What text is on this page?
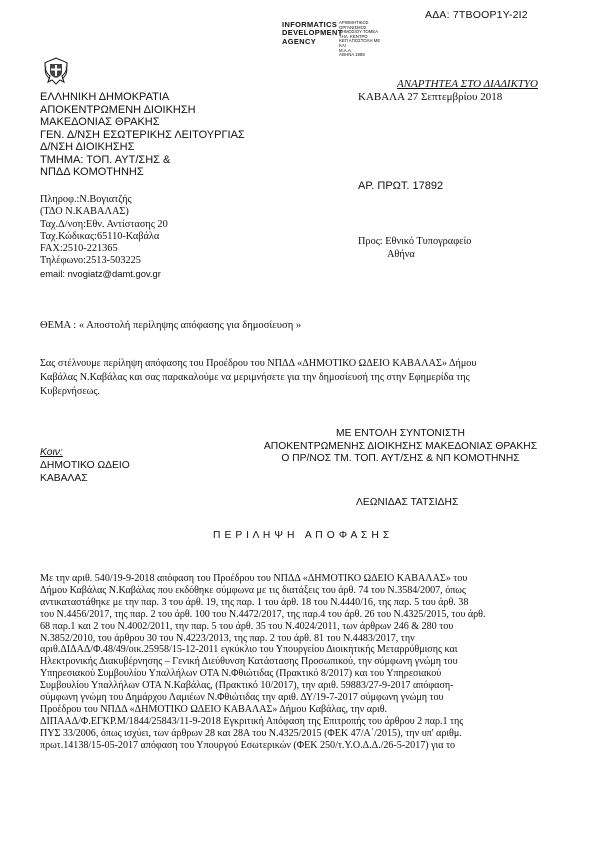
ΑΔΑ: 7ΤΒΟΟΡ1Υ-2Ι2
INFORMATICS
DEVELOPMENT
AGENCY
ΑΡΙΘΜΗΤΙΚΟΣ
ΟΡΓΑΝΙΣΜΟΣ
ΔΗΜΟΣΙΟΥ ΤΟΜΕΑ
ΤΗΛ. ΚΕΝΤΡΟ
ΚΕΠ ΑΠΟΣΤΟΛΗ ΜΕ
ΚΑΙ
Μ.Α.Α.
ΑΘΗΝΑ 1988
ΑΝΑΡΤΗΤΕΑ ΣΤΟ ΔΙΑΔΙΚΤΥΟ
ΚΑΒΑΛΑ 27 Σεπτεμβρίου 2018
ΕΛΛΗΝΙΚΗ ΔΗΜΟΚΡΑΤΙΑ
ΑΠΟΚΕΝΤΡΩΜΕΝΗ ΔΙΟΙΚΗΣΗ
ΜΑΚΕΔΟΝΙΑΣ ΘΡΑΚΗΣ
ΓΕΝ. Δ/ΝΣΗ ΕΣΩΤΕΡΙΚΗΣ ΛΕΙΤΟΥΡΓΙΑΣ
Δ/ΝΣΗ ΔΙΟΙΚΗΣΗΣ
ΤΜΗΜΑ: ΤΟΠ. ΑΥΤ/ΣΗΣ &
ΝΠΔΔ ΚΟΜΟΤΗΝΗΣ
ΑΡ. ΠΡΩΤ. 17892
Πληροφ.:Ν.Βογιατζής
(ΤΔΟ Ν.ΚΑΒΑΛΑΣ)
Ταχ.Δ/νση:Εθν. Αντίστασης 20
Ταχ.Κώδικας:65110-Καβάλα
FAX:2510-221365
Τηλέφωνο:2513-503225
email: nvogiatz@damt.gov.gr
Προς: Εθνικό Τυπογραφείο
Αθήνα
ΘΕΜΑ : « Αποστολή περίληψης απόφασης για δημοσίευση »
Σας στέλνουμε περίληψη απόφασης του Προέδρου του ΝΠΔΔ «ΔΗΜΟΤΙΚΟ ΩΔΕΙΟ ΚΑΒΑΛΑΣ» Δήμου
Καβάλας Ν.Καβάλας και σας παρακαλούμε να μεριμνήσετε για την δημοσίευσή της στην Εφημερίδα της
Κυβερνήσεως.
ΜΕ ΕΝΤΟΛΗ ΣΥΝΤΟΝΙΣΤΗ
ΑΠΟΚΕΝΤΡΩΜΕΝΗΣ ΔΙΟΙΚΗΣΗΣ ΜΑΚΕΔΟΝΙΑΣ ΘΡΑΚΗΣ
Ο ΠΡ/ΝΟΣ ΤΜ. ΤΟΠ. ΑΥΤ/ΣΗΣ & ΝΠ ΚΟΜΟΤΗΝΗΣ
ΛΕΩΝΙΔΑΣ ΤΑΤΣΙΔΗΣ
Κοιν:
ΔΗΜΟΤΙΚΟ ΩΔΕΙΟ
ΚΑΒΑΛΑΣ
Π Ε Ρ Ι Λ Η Ψ Η   Α Π Ο Φ Α Σ Η Σ
Με την αριθ. 540/19-9-2018 απόφαση του Προέδρου του ΝΠΔΔ «ΔΗΜΟΤΙΚΟ ΩΔΕΙΟ ΚΑΒΑΛΑΣ» του
Δήμου Καβάλας Ν.Καβάλας που εκδόθηκε σύμφωνα με τις διατάξεις του άρθ. 74 του Ν.3584/2007, όπως
αντικαταστάθηκε με την παρ. 3 του άρθ. 19, της παρ. 1 του άρθ. 18 του Ν.4440/16, της παρ. 5 του άρθ. 38
του Ν.4456/2017, της παρ. 2 του άρθ. 100 του Ν.4472/2017, της παρ.4 του άρθ. 26 του Ν.4325/2015, του άρθ.
68 παρ.1 και 2 του Ν.4002/2011, την παρ. 5 του άρθ. 35 του Ν.4024/2011, των άρθρων 246 & 280 του
Ν.3852/2010, του άρθρου 30 του Ν.4223/2013, της παρ. 2 του άρθ. 81 του Ν.4483/2017, την
αριθ.ΔΙΔΑΔ/Φ.48/49/οικ.25958/15-12-2011 εγκύκλιο του Υπουργείου Διοικητικής Μεταρρύθμισης και
Ηλεκτρονικής Διακυβέρνησης – Γενική Διεύθυνση Κατάστασης Προσωπικού, την σύμφωνη γνώμη του
Υπηρεσιακού Συμβουλίου Υπαλλήλων ΟΤΑ Ν.Φθιώτιδας (Πρακτικό 8/2017) και του Υπηρεσιακού
Συμβουλίου Υπαλλήλων ΟΤΑ Ν.Καβάλας, (Πρακτικό 10/2017), την αριθ. 59883/27-9-2017 απόφαση-
σύμφωνη γνώμη του Δημάρχου Λαμιέων Ν.Φθιώτιδας την αριθ. ΔΥ/19-7-2017 σύμφωνη γνώμη του
Προέδρου του ΝΠΔΔ «ΔΗΜΟΤΙΚΟ ΩΔΕΙΟ ΚΑΒΑΛΑΣ» Δήμου Καβάλας, την αριθ.
ΔΙΠΑΑΔ/Φ.ΕΓΚΡ.Μ/1844/25843/11-9-2018 Εγκριτική Απόφαση της Επιτροπής του άρθρου 2 παρ.1 της
ΠΥΣ 33/2006, όπως ισχύει, των άρθρων 28 και 28Α του Ν.4325/2015 (ΦΕΚ 47/Α΄/2015), την υπ' αριθμ.
πρωτ.14138/15-05-2017 απόφαση του Υπουργού Εσωτερικών (ΦΕΚ 250/τ.Υ.Ο.Δ.Δ./26-5-2017) για το
